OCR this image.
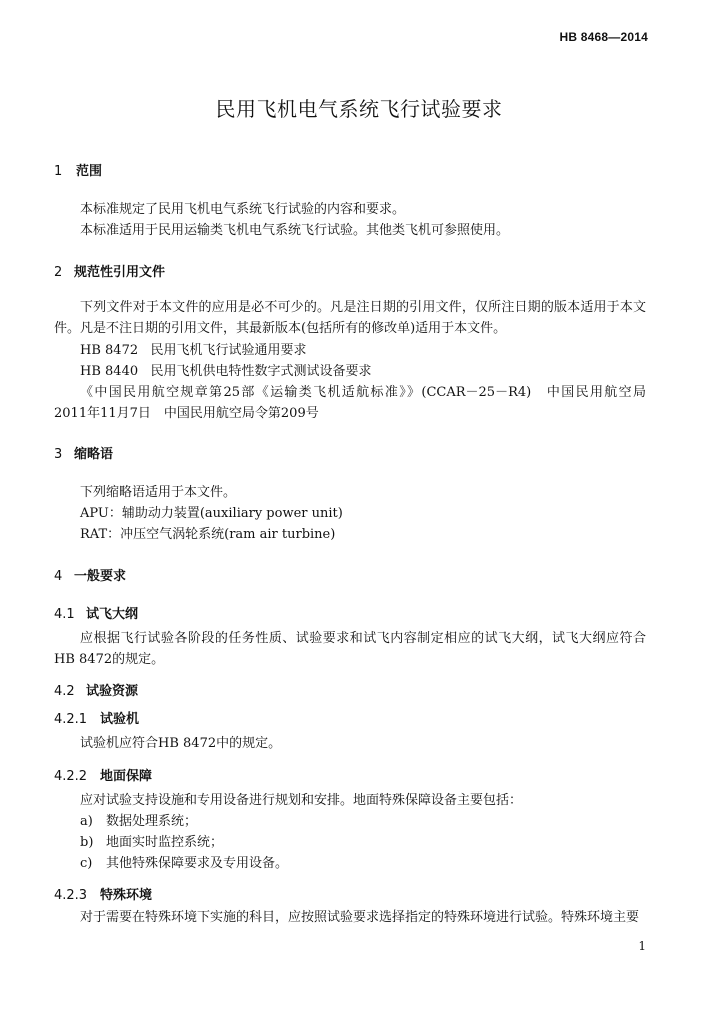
HB 8468—2014
民用飞机电气系统飞行试验要求
1 范围
本标准规定了民用飞机电气系统飞行试验的内容和要求。
本标准适用于民用运输类飞机电气系统飞行试验。其他类飞机可参照使用。
2 规范性引用文件
下列文件对于本文件的应用是必不可少的。凡是注日期的引用文件，仅所注日期的版本适用于本文件。凡是不注日期的引用文件，其最新版本(包括所有的修改单)适用于本文件。
HB 8472 民用飞机飞行试验通用要求
HB 8440 民用飞机供电特性数字式测试设备要求
《中国民用航空规章第25部《运输类飞机适航标准》》(CCAR－25－R4)　中国民用航空局　2011年11月7日　中国民用航空局令第209号
3 缩略语
下列缩略语适用于本文件。
APU：辅助动力装置(auxiliary power unit)
RAT：冲压空气涡轮系统(ram air turbine)
4 一般要求
4.1 试飞大纲
应根据飞行试验各阶段的任务性质、试验要求和试飞内容制定相应的试飞大纲，试飞大纲应符合HB 8472的规定。
4.2 试验资源
4.2.1 试验机
试验机应符合HB 8472中的规定。
4.2.2 地面保障
应对试验支持设施和专用设备进行规划和安排。地面特殊保障设备主要包括：
a) 数据处理系统；
b) 地面实时监控系统；
c) 其他特殊保障要求及专用设备。
4.2.3 特殊环境
对于需要在特殊环境下实施的科目，应按照试验要求选择指定的特殊环境进行试验。特殊环境主要
1
